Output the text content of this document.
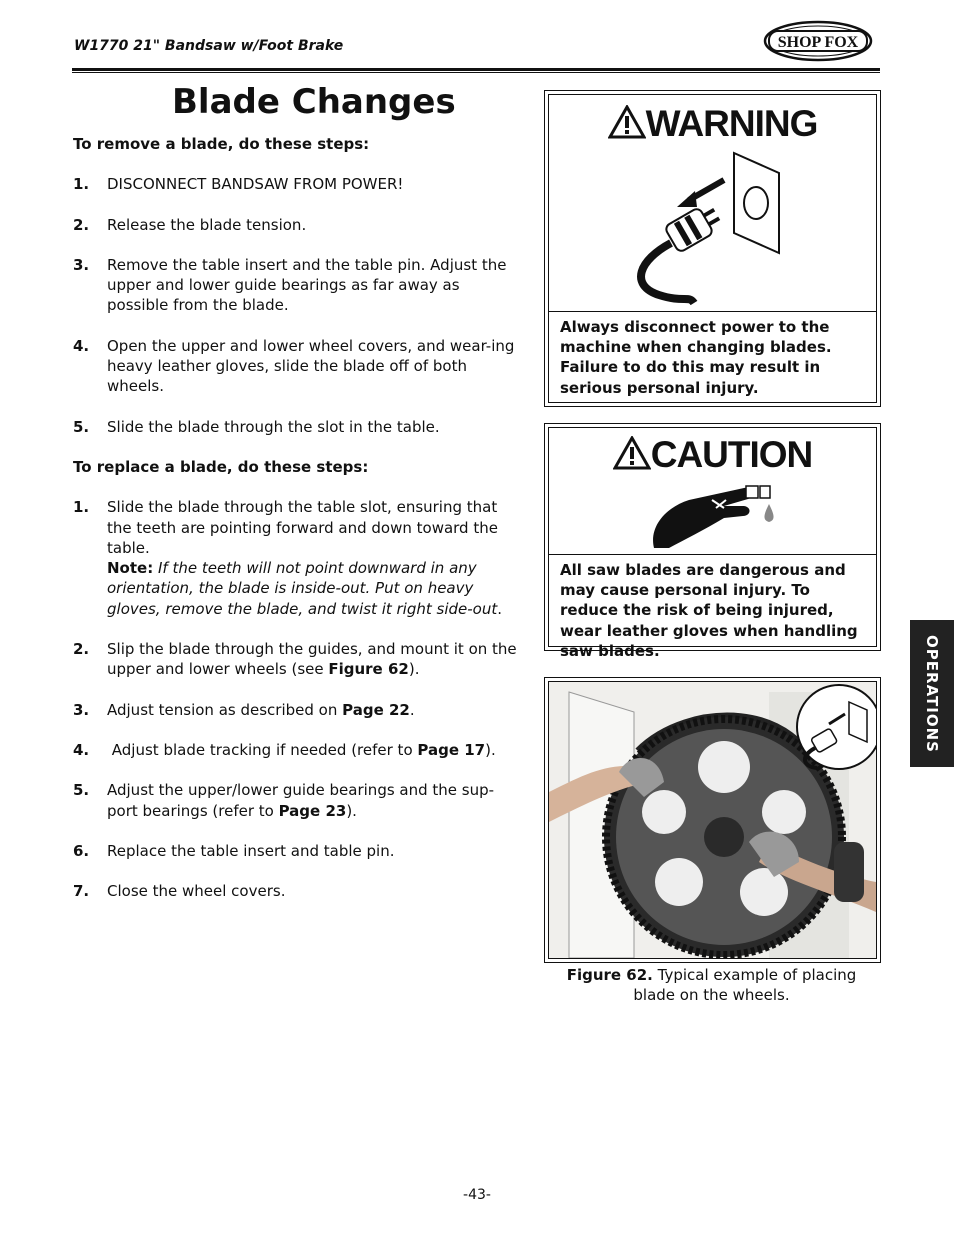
W1770 21" Bandsaw w/Foot Brake	SHOP FOX
Blade Changes

To remove a blade, do these steps:

1.	DISCONNECT BANDSAW FROM POWER!
2.	Release the blade tension.
3.	Remove the table insert and the table pin. Adjust the upper and lower guide bearings as far away as possible from the blade.
4.	Open the upper and lower wheel covers, and wear-ing heavy leather gloves, slide the blade off of both wheels.
5.	Slide the blade through the slot in the table.

To replace a blade, do these steps:

1.	Slide the blade through the table slot, ensuring that the teeth are pointing forward and down toward the table.

Note: If the teeth will not point downward in any orientation, the blade is inside-out. Put on heavy gloves, remove the blade, and twist it right side-out.

2.	Slip the blade through the guides, and mount it on the upper and lower wheels (see Figure 62).
3.	Adjust tension as described on Page 22.
4.	Adjust blade tracking if needed (refer to Page 17).
5.	Adjust the upper/lower guide bearings and the sup-port bearings (refer to Page 23).
6.	Replace the table insert and table pin.
7.	Close the wheel covers.
WARNING
Always disconnect power to the machine when changing blades. Failure to do this may result in serious personal injury.
CAUTION
All saw blades are dangerous and may cause personal injury. To reduce the risk of being injured, wear leather gloves when handling saw blades.
Figure 62. Typical example of placing blade on the wheels.
OPERATIONS
-43-
